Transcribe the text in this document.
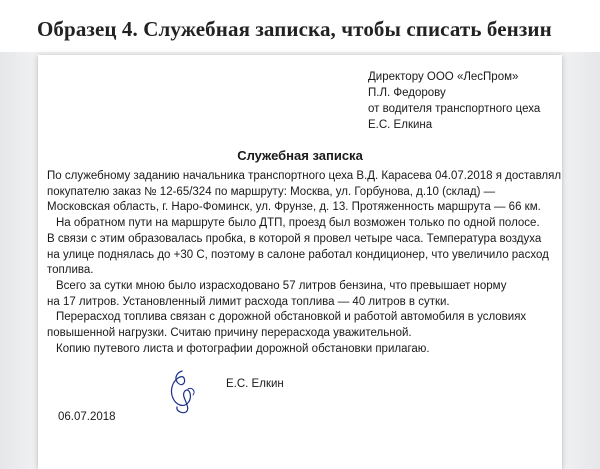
Образец 4. Служебная записка, чтобы списать бензин
Директору ООО «ЛесПром»
П.Л. Федорову
от водителя транспортного цеха
Е.С. Елкина
Служебная записка
По служебному заданию начальника транспортного цеха В.Д. Карасева 04.07.2018 я доставлял
покупателю заказ № 12-65/324 по маршруту: Москва, ул. Горбунова, д.10 (склад) —
Московская область, г. Наро-Фоминск, ул. Фрунзе, д. 13. Протяженность маршрута — 66 км.
На обратном пути на маршруте было ДТП, проезд был возможен только по одной полосе.
В связи с этим образовалась пробка, в которой я провел четыре часа. Температура воздуха
на улице поднялась до +30 С, поэтому в салоне работал кондиционер, что увеличило расход
топлива.
Всего за сутки мною было израсходовано 57 литров бензина, что превышает норму
на 17 литров. Установленный лимит расхода топлива — 40 литров в сутки.
Перерасход топлива связан с дорожной обстановкой и работой автомобиля в условиях
повышенной нагрузки. Считаю причину перерасхода уважительной.
Копию путевого листа и фотографии дорожной обстановки прилагаю.
Е.С. Елкин
06.07.2018
